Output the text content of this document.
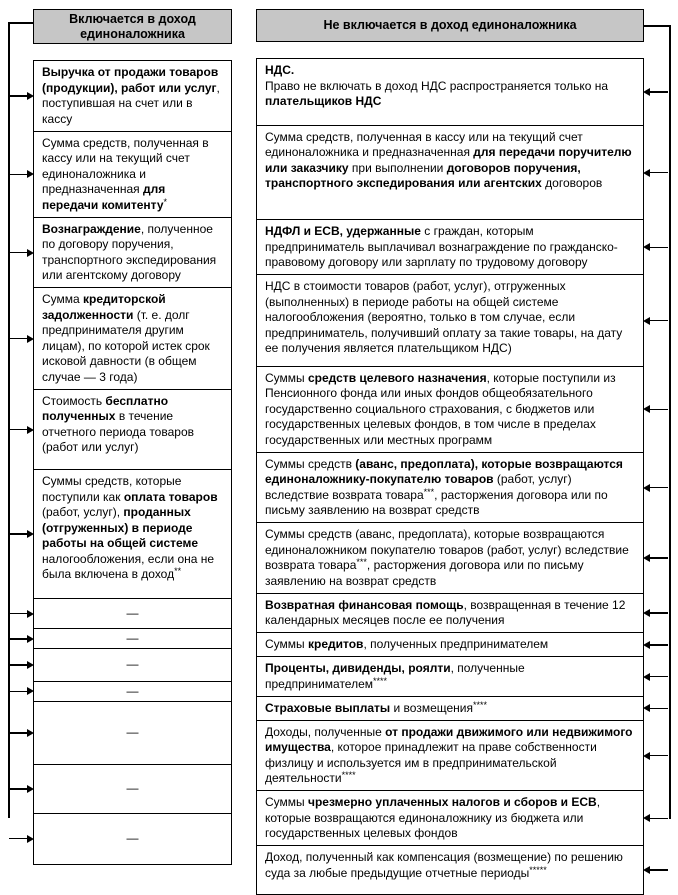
Включается в доход единоналожника
Выручка от продажи товаров (продукции), работ или услуг, поступившая на счет или в кассу
Сумма средств, полученная в кассу или на текущий счет единоналожника и предназначенная для передачи комитенту*
Вознаграждение, полученное по договору поручения, транспортного экспедирования или агентскому договору
Сумма кредиторской задолженности (т. е. долг предпринимателя другим лицам), по которой истек срок исковой давности (в общем случае — 3 года)
Стоимость бесплатно полученных в течение отчетного периода товаров (работ или услуг)
Суммы средств, которые поступили как оплата товаров (работ, услуг), проданных (отгруженных) в периоде работы на общей системе налогообложения, если она не была включена в доход**
—
—
—
—
—
—
—
Не включается в доход единоналожника
НДС.
Право не включать в доход НДС распространяется только на плательщиков НДС
Сумма средств, полученная в кассу или на текущий счет единоналожника и предназначенная для передачи поручителю или заказчику при выполнении договоров поручения, транспортного экспедирования или агентских договоров
НДФЛ и ЕСВ, удержанные с граждан, которым предприниматель выплачивал вознаграждение по гражданско-правовому договору или зарплату по трудовому договору
НДС в стоимости товаров (работ, услуг), отгруженных (выполненных) в периоде работы на общей системе налогообложения (вероятно, только в том случае, если предприниматель, получивший оплату за такие товары, на дату ее получения является плательщиком НДС)
Суммы средств целевого назначения, которые поступили из Пенсионного фонда или иных фондов общеобязательного государственно социального страхования, с бюджетов или государственных целевых фондов, в том числе в пределах государственных или местных программ
Суммы средств (аванс, предоплата), которые возвращаются единоналожнику-покупателю товаров (работ, услуг) вследствие возврата товара***, расторжения договора или по письму заявлению на возврат средств
Суммы средств (аванс, предоплата), которые возвращаются единоналожником покупателю товаров (работ, услуг) вследствие возврата товара***, расторжения договора или по письму заявлению на возврат средств
Возвратная финансовая помощь, возвращенная в течение 12 календарных месяцев после ее получения
Суммы кредитов, полученных предпринимателем
Проценты, дивиденды, роялти, полученные предпринимателем****
Страховые выплаты и возмещения****
Доходы, полученные от продажи движимого или недвижимого имущества, которое принадлежит на праве собственности физлицу и используется им в предпринимательской деятельности****
Суммы чрезмерно уплаченных налогов и сборов и ЕСВ, которые возвращаются единоналожнику из бюджета или государственных целевых фондов
Доход, полученный как компенсация (возмещение) по решению суда за любые предыдущие отчетные периоды*****
